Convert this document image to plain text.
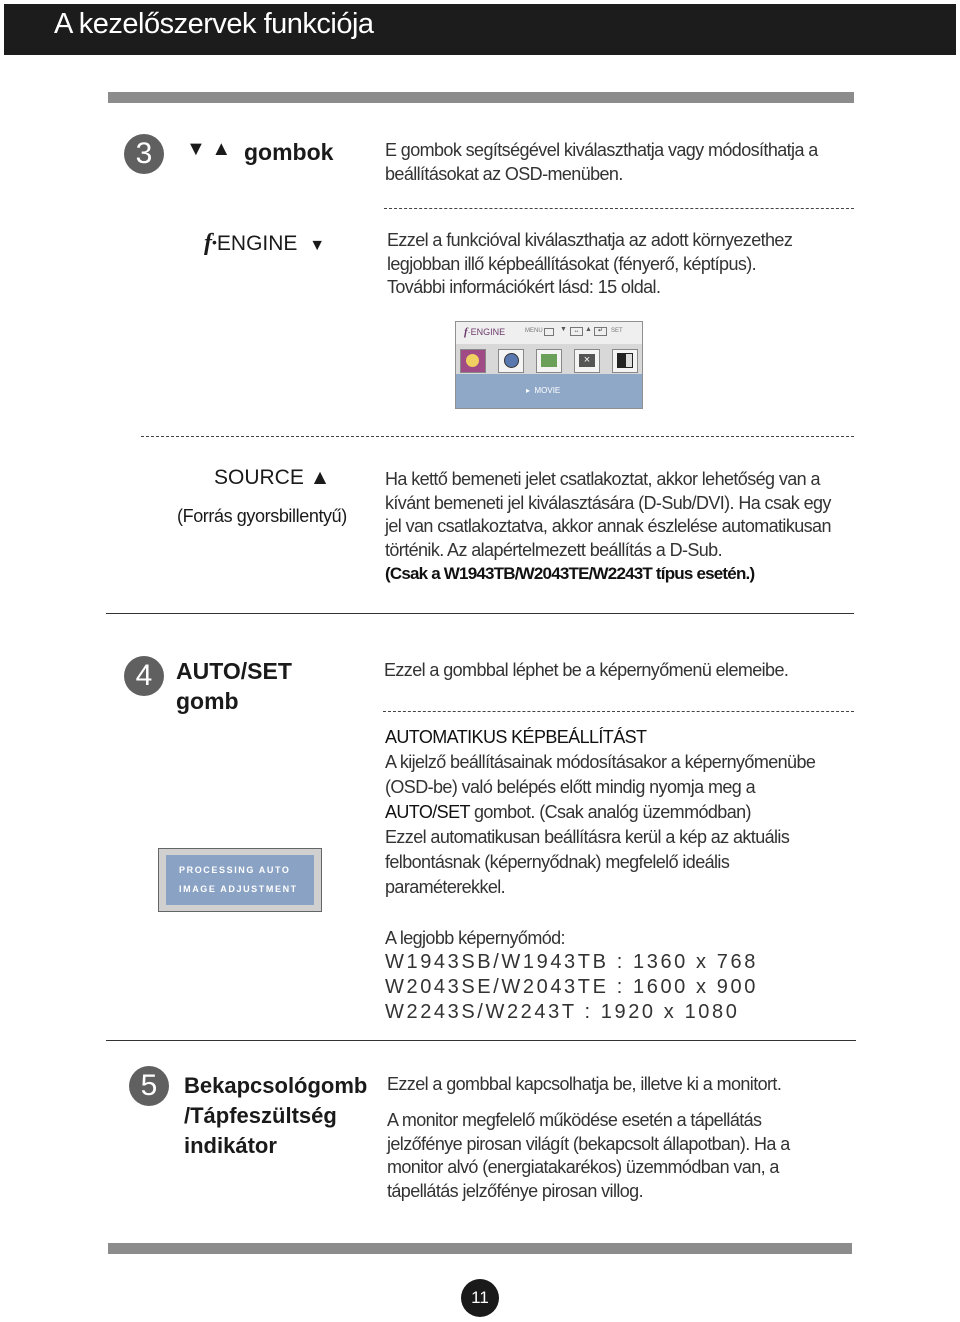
A kezelőszervek funkciója
3	▼ ▲ gombok	E gombok segítségével kiválaszthatja vagy módosíthatja a
beállításokat az OSD-menüben.
f•ENGINE ▼	Ezzel a funkcióval kiválaszthatja az adott környezethez
legjobban illő képbeállításokat (fényerő, képtípus).
További információkért lásd: 15 oldal.
f·ENGINE	MENU ▼	↔ ▲	↵	SET
×
▸  MOVIE
SOURCE ▲
(Forrás gyorsbillentyű)
Ha kettő bemeneti jelet csatlakoztat, akkor lehetőség van a
kívánt bemeneti jel kiválasztására (D-Sub/DVI). Ha csak egy
jel van csatlakoztatva, akkor annak észlelése automatikusan
történik. Az alapértelmezett beállítás a D-Sub.
(Csak a W1943TB/W2043TE/W2243T típus esetén.)
4	AUTO/SET
gomb
Ezzel a gombbal léphet be a képernyőmenü elemeibe.
AUTOMATIKUS KÉPBEÁLLÍTÁST
A kijelző beállításainak módosításakor a képernyőmenübe
(OSD-be) való belépés előtt mindig nyomja meg a
AUTO/SET gombot. (Csak analóg üzemmódban)
Ezzel automatikusan beállításra kerül a kép az aktuális
felbontásnak (képernyődnak) megfelelő ideális
paraméterekkel.
PROCESSING AUTO
IMAGE ADJUSTMENT
A legjobb képernyőmód:
W1943SB/W1943TB : 1360 x 768
W2043SE/W2043TE : 1600 x 900
W2243S/W2243T : 1920 x 1080
5	Bekapcsológomb
/Tápfeszültség
indikátor
Ezzel a gombbal kapcsolhatja be, illetve ki a monitort.
A monitor megfelelő működése esetén a tápellátás
jelzőfénye pirosan világít (bekapcsolt állapotban). Ha a
monitor alvó (energiatakarékos) üzemmódban van, a
tápellátás jelzőfénye pirosan villog.
11
